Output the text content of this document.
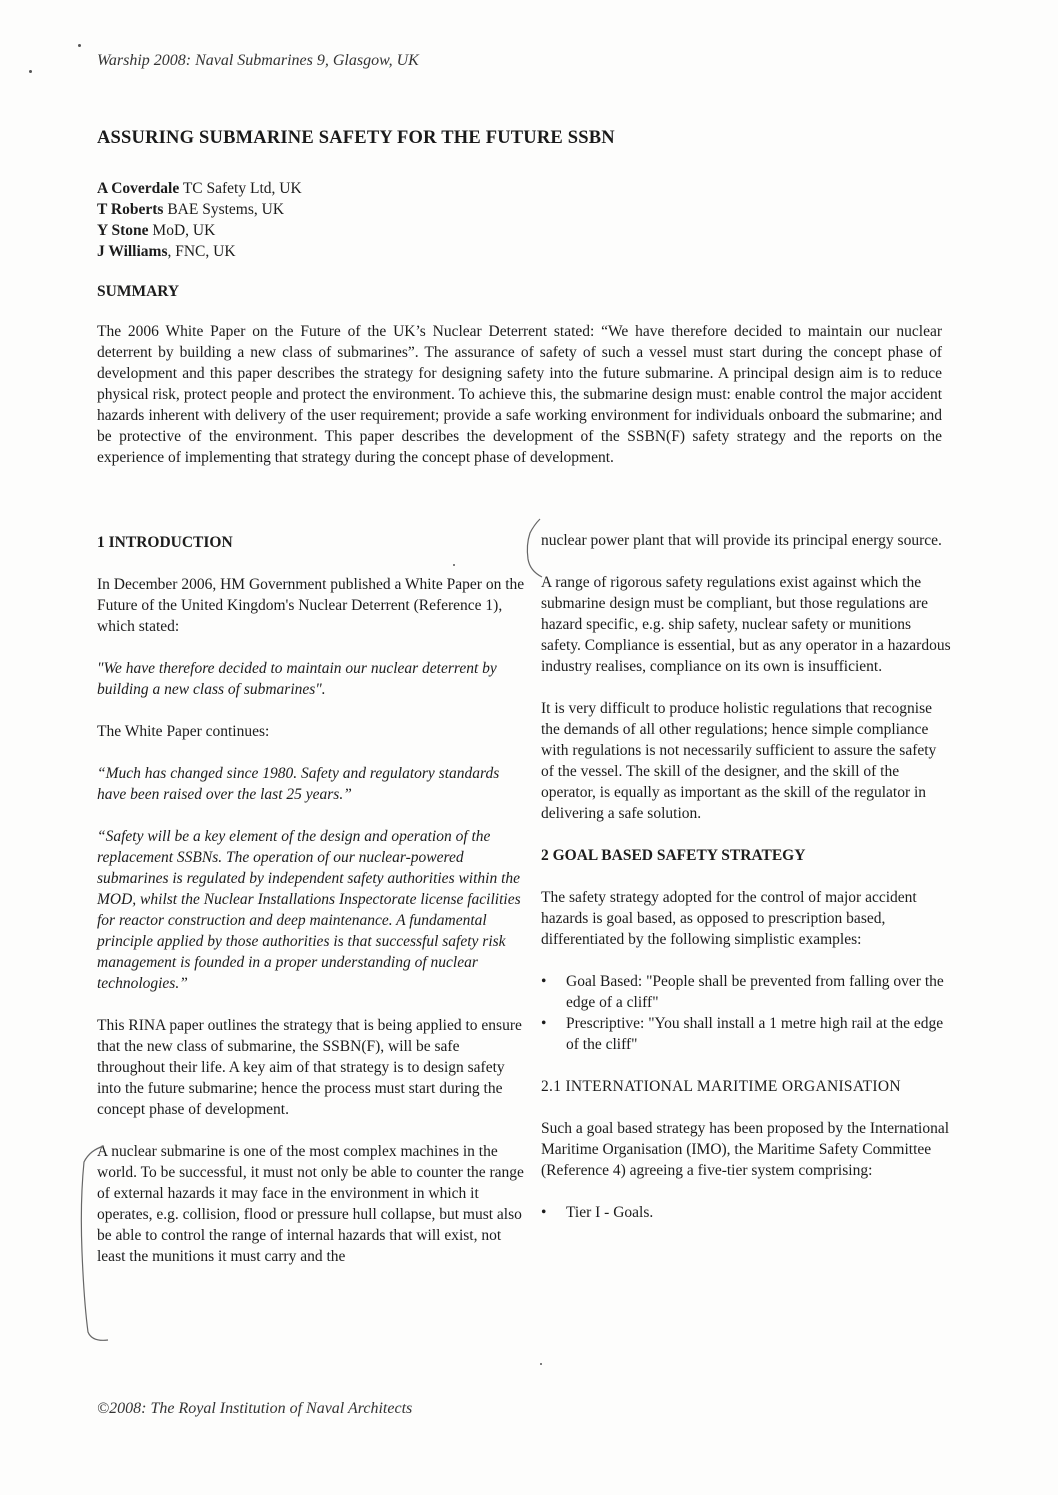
Warship 2008: Naval Submarines 9, Glasgow, UK
ASSURING SUBMARINE SAFETY FOR THE FUTURE SSBN
A Coverdale TC Safety Ltd, UK
T Roberts BAE Systems, UK
Y Stone MoD, UK
J Williams, FNC, UK
SUMMARY
The 2006 White Paper on the Future of the UK’s Nuclear Deterrent stated: “We have therefore decided to maintain our nuclear deterrent by building a new class of submarines”. The assurance of safety of such a vessel must start during the concept phase of development and this paper describes the strategy for designing safety into the future submarine. A principal design aim is to reduce physical risk, protect people and protect the environment. To achieve this, the submarine design must: enable control the major accident hazards inherent with delivery of the user requirement; provide a safe working environment for individuals onboard the submarine; and be protective of the environment. This paper describes the development of the SSBN(F) safety strategy and the reports on the experience of implementing that strategy during the concept phase of development.
1 INTRODUCTION

In December 2006, HM Government published a White Paper on the Future of the United Kingdom's Nuclear Deterrent (Reference 1), which stated:

"We have therefore decided to maintain our nuclear deterrent by building a new class of submarines".

The White Paper continues:

“Much has changed since 1980. Safety and regulatory standards have been raised over the last 25 years.”

“Safety will be a key element of the design and operation of the replacement SSBNs. The operation of our nuclear-powered submarines is regulated by independent safety authorities within the MOD, whilst the Nuclear Installations Inspectorate license facilities for reactor construction and deep maintenance. A fundamental principle applied by those authorities is that successful safety risk management is founded in a proper understanding of nuclear technologies.”

This RINA paper outlines the strategy that is being applied to ensure that the new class of submarine, the SSBN(F), will be safe throughout their life. A key aim of that strategy is to design safety into the future submarine; hence the process must start during the concept phase of development.

A nuclear submarine is one of the most complex machines in the world. To be successful, it must not only be able to counter the range of external hazards it may face in the environment in which it operates, e.g. collision, flood or pressure hull collapse, but must also be able to control the range of internal hazards that will exist, not least the munitions it must carry and the

nuclear power plant that will provide its principal energy source.

A range of rigorous safety regulations exist against which the submarine design must be compliant, but those regulations are hazard specific, e.g. ship safety, nuclear safety or munitions safety. Compliance is essential, but as any operator in a hazardous industry realises, compliance on its own is insufficient.

It is very difficult to produce holistic regulations that recognise the demands of all other regulations; hence simple compliance with regulations is not necessarily sufficient to assure the safety of the vessel. The skill of the designer, and the skill of the operator, is equally as important as the skill of the regulator in delivering a safe solution.

2 GOAL BASED SAFETY STRATEGY

The safety strategy adopted for the control of major accident hazards is goal based, as opposed to prescription based, differentiated by the following simplistic examples:

• Goal Based: "People shall be prevented from falling over the edge of a cliff"
• Prescriptive: "You shall install a 1 metre high rail at the edge of the cliff"
2.1 INTERNATIONAL MARITIME ORGANISATION

Such a goal based strategy has been proposed by the International Maritime Organisation (IMO), the Maritime Safety Committee (Reference 4) agreeing a five-tier system comprising:

• Tier I - Goals.
©2008: The Royal Institution of Naval Architects
